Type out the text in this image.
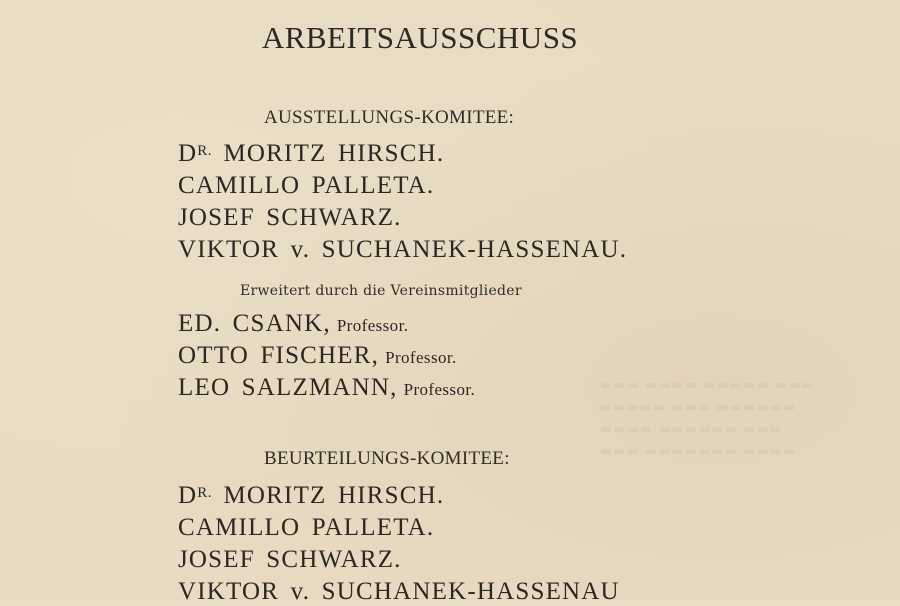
▬▬▬ ▬▬▬▬ ▬▬▬▬▬ ▬▬▬
▬▬▬▬▬ ▬▬▬ ▬▬▬▬▬▬
▬▬▬▬ ▬▬▬▬▬▬ ▬▬▬
▬▬▬ ▬▬▬▬▬▬▬ ▬▬▬▬
ARBEITSAUSSCHUSS
AUSSTELLUNGS-KOMITEE:
$D^{R.}$ MORITZ HIRSCH.
CAMILLO PALLETA.
JOSEF SCHWARZ.
VIKTOR v. SUCHANEK-HASSENAU.
Erweitert durch die Vereinsmitglieder
ED. CSANK, Professor.
OTTO FISCHER, Professor.
LEO SALZMANN, Professor.
BEURTEILUNGS-KOMITEE:
$D^{R.}$ MORITZ HIRSCH.
CAMILLO PALLETA.
JOSEF SCHWARZ.
VIKTOR v. SUCHANEK-HASSENAU
